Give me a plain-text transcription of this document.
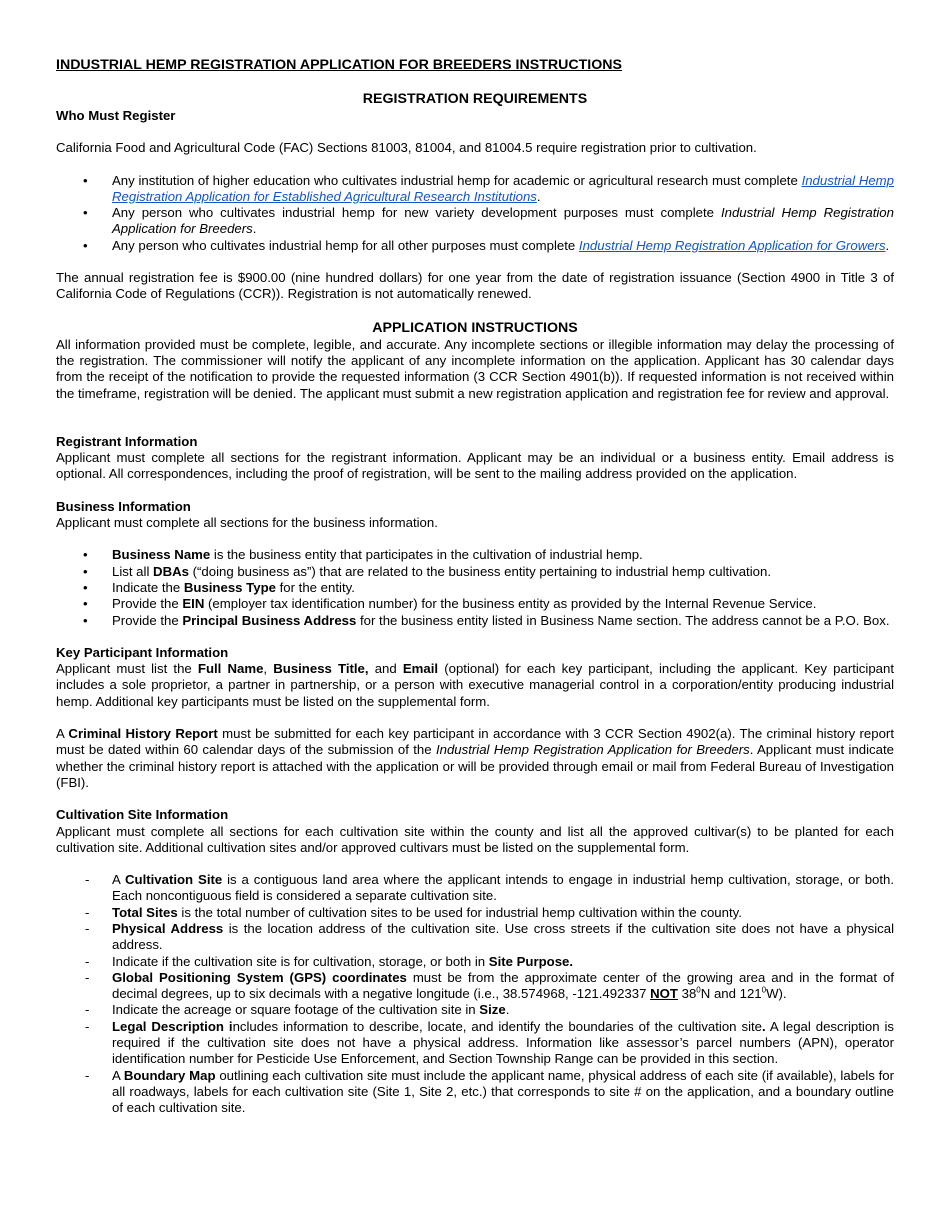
INDUSTRIAL HEMP REGISTRATION APPLICATION FOR BREEDERS INSTRUCTIONS
REGISTRATION REQUIREMENTS
Who Must Register

California Food and Agricultural Code (FAC) Sections 81003, 81004, and 81004.5 require registration prior to cultivation.

• Any institution of higher education who cultivates industrial hemp for academic or agricultural research must complete Industrial Hemp Registration Application for Established Agricultural Research Institutions.
• Any person who cultivates industrial hemp for new variety development purposes must complete Industrial Hemp Registration Application for Breeders.
• Any person who cultivates industrial hemp for all other purposes must complete Industrial Hemp Registration Application for Growers.

The annual registration fee is $900.00 (nine hundred dollars) for one year from the date of registration issuance (Section 4900 in Title 3 of California Code of Regulations (CCR)). Registration is not automatically renewed.

APPLICATION INSTRUCTIONS

All information provided must be complete, legible, and accurate. Any incomplete sections or illegible information may delay the processing of the registration. The commissioner will notify the applicant of any incomplete information on the application. Applicant has 30 calendar days from the receipt of the notification to provide the requested information (3 CCR Section 4901(b)). If requested information is not received within the timeframe, registration will be denied. The applicant must submit a new registration application and registration fee for review and approval.

Registrant Information

Applicant must complete all sections for the registrant information. Applicant may be an individual or a business entity. Email address is optional. All correspondences, including the proof of registration, will be sent to the mailing address provided on the application.

Business Information

Applicant must complete all sections for the business information.

• Business Name is the business entity that participates in the cultivation of industrial hemp.
• List all DBAs (“doing business as”) that are related to the business entity pertaining to industrial hemp cultivation.
• Indicate the Business Type for the entity.
• Provide the EIN (employer tax identification number) for the business entity as provided by the Internal Revenue Service.
• Provide the Principal Business Address for the business entity listed in Business Name section. The address cannot be a P.O. Box.
Key Participant Information

Applicant must list the Full Name, Business Title, and Email (optional) for each key participant, including the applicant. Key participant includes a sole proprietor, a partner in partnership, or a person with executive managerial control in a corporation/entity producing industrial hemp. Additional key participants must be listed on the supplemental form.

A Criminal History Report must be submitted for each key participant in accordance with 3 CCR Section 4902(a). The criminal history report must be dated within 60 calendar days of the submission of the Industrial Hemp Registration Application for Breeders. Applicant must indicate whether the criminal history report is attached with the application or will be provided through email or mail from Federal Bureau of Investigation (FBI).

Cultivation Site Information

Applicant must complete all sections for each cultivation site within the county and list all the approved cultivar(s) to be planted for each cultivation site. Additional cultivation sites and/or approved cultivars must be listed on the supplemental form.

- A Cultivation Site is a contiguous land area where the applicant intends to engage in industrial hemp cultivation, storage, or both. Each noncontiguous field is considered a separate cultivation site.
- Total Sites is the total number of cultivation sites to be used for industrial hemp cultivation within the county.
- Physical Address is the location address of the cultivation site. Use cross streets if the cultivation site does not have a physical address.
- Indicate if the cultivation site is for cultivation, storage, or both in Site Purpose.
- Global Positioning System (GPS) coordinates must be from the approximate center of the growing area and in the format of decimal degrees, up to six decimals with a negative longitude (i.e., 38.574968, -121.492337 NOT $38^0N$ and $121^0W$).
- Indicate the acreage or square footage of the cultivation site in Size.
- Legal Description includes information to describe, locate, and identify the boundaries of the cultivation site. A legal description is required if the cultivation site does not have a physical address. Information like assessor’s parcel numbers (APN), operator identification number for Pesticide Use Enforcement, and Section Township Range can be provided in this section.
- A Boundary Map outlining each cultivation site must include the applicant name, physical address of each site (if available), labels for all roadways, labels for each cultivation site (Site 1, Site 2, etc.) that corresponds to site # on the application, and a boundary outline of each cultivation site.
